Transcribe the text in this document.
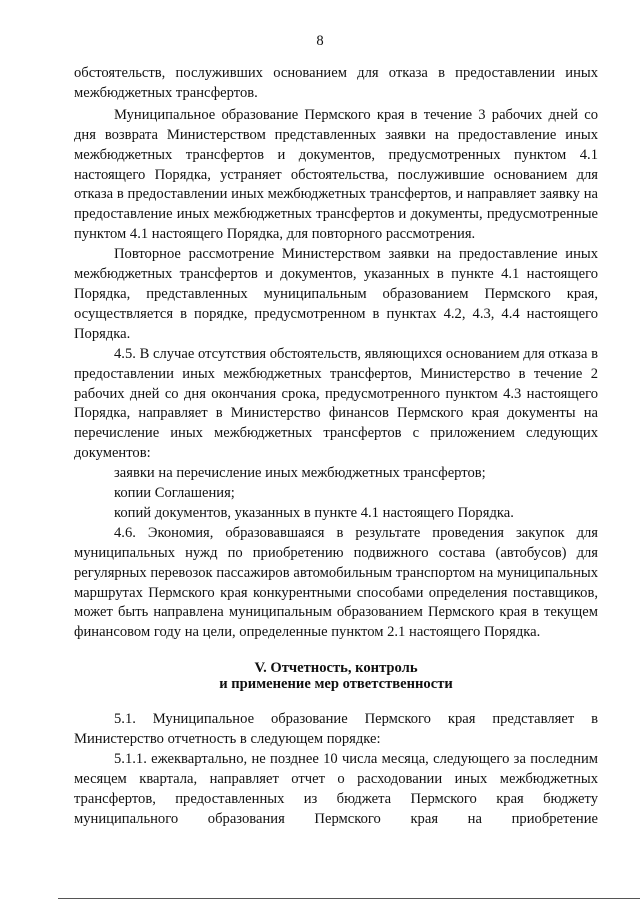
8

обстоятельств, послуживших основанием для отказа в предоставлении иных межбюджетных трансфертов.

Муниципальное образование Пермского края в течение 3 рабочих дней со дня возврата Министерством представленных заявки на предоставление иных межбюджетных трансфертов и документов, предусмотренных пунктом 4.1 настоящего Порядка, устраняет обстоятельства, послужившие основанием для отказа в предоставлении иных межбюджетных трансфертов, и направляет заявку на предоставление иных межбюджетных трансфертов и документы, предусмотренные пунктом 4.1 настоящего Порядка, для повторного рассмотрения.

Повторное рассмотрение Министерством заявки на предоставление иных межбюджетных трансфертов и документов, указанных в пункте 4.1 настоящего Порядка, представленных муниципальным образованием Пермского края, осуществляется в порядке, предусмотренном в пунктах 4.2, 4.3, 4.4 настоящего Порядка.

4.5. В случае отсутствия обстоятельств, являющихся основанием для отказа в предоставлении иных межбюджетных трансфертов, Министерство в течение 2 рабочих дней со дня окончания срока, предусмотренного пунктом 4.3 настоящего Порядка, направляет в Министерство финансов Пермского края документы на перечисление иных межбюджетных трансфертов с приложением следующих документов:

заявки на перечисление иных межбюджетных трансфертов;

копии Соглашения;

копий документов, указанных в пункте 4.1 настоящего Порядка.

4.6. Экономия, образовавшаяся в результате проведения закупок для муниципальных нужд по приобретению подвижного состава (автобусов) для регулярных перевозок пассажиров автомобильным транспортом на муниципальных маршрутах Пермского края конкурентными способами определения поставщиков, может быть направлена муниципальным образованием Пермского края в текущем финансовом году на цели, определенные пунктом 2.1 настоящего Порядка.

V. Отчетность, контроль
и применение мер ответственности

5.1. Муниципальное образование Пермского края представляет в Министерство отчетность в следующем порядке:

5.1.1. ежеквартально, не позднее 10 числа месяца, следующего за последним месяцем квартала, направляет отчет о расходовании иных межбюджетных трансфертов, предоставленных из бюджета Пермского края бюджету муниципального образования Пермского края на приобретение
